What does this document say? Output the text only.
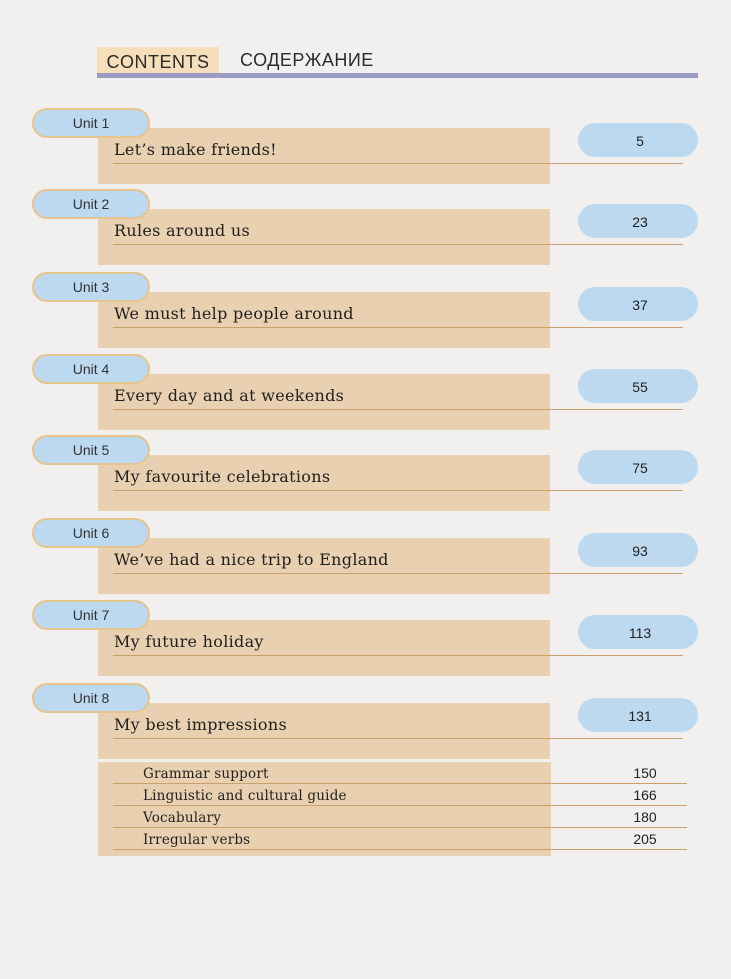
CONTENTS	СОДЕРЖАНИЕ
Unit 1
Let’s make friends!	5
Unit 2
Rules around us	23
Unit 3
We must help people around	37
Unit 4
Every day and at weekends	55
Unit 5
My favourite celebrations	75
Unit 6
We’ve had a nice trip to England	93
Unit 7
My future holiday	113
Unit 8
My best impressions	131
Grammar support	150
Linguistic and cultural guide	166
Vocabulary	180
Irregular verbs	205
